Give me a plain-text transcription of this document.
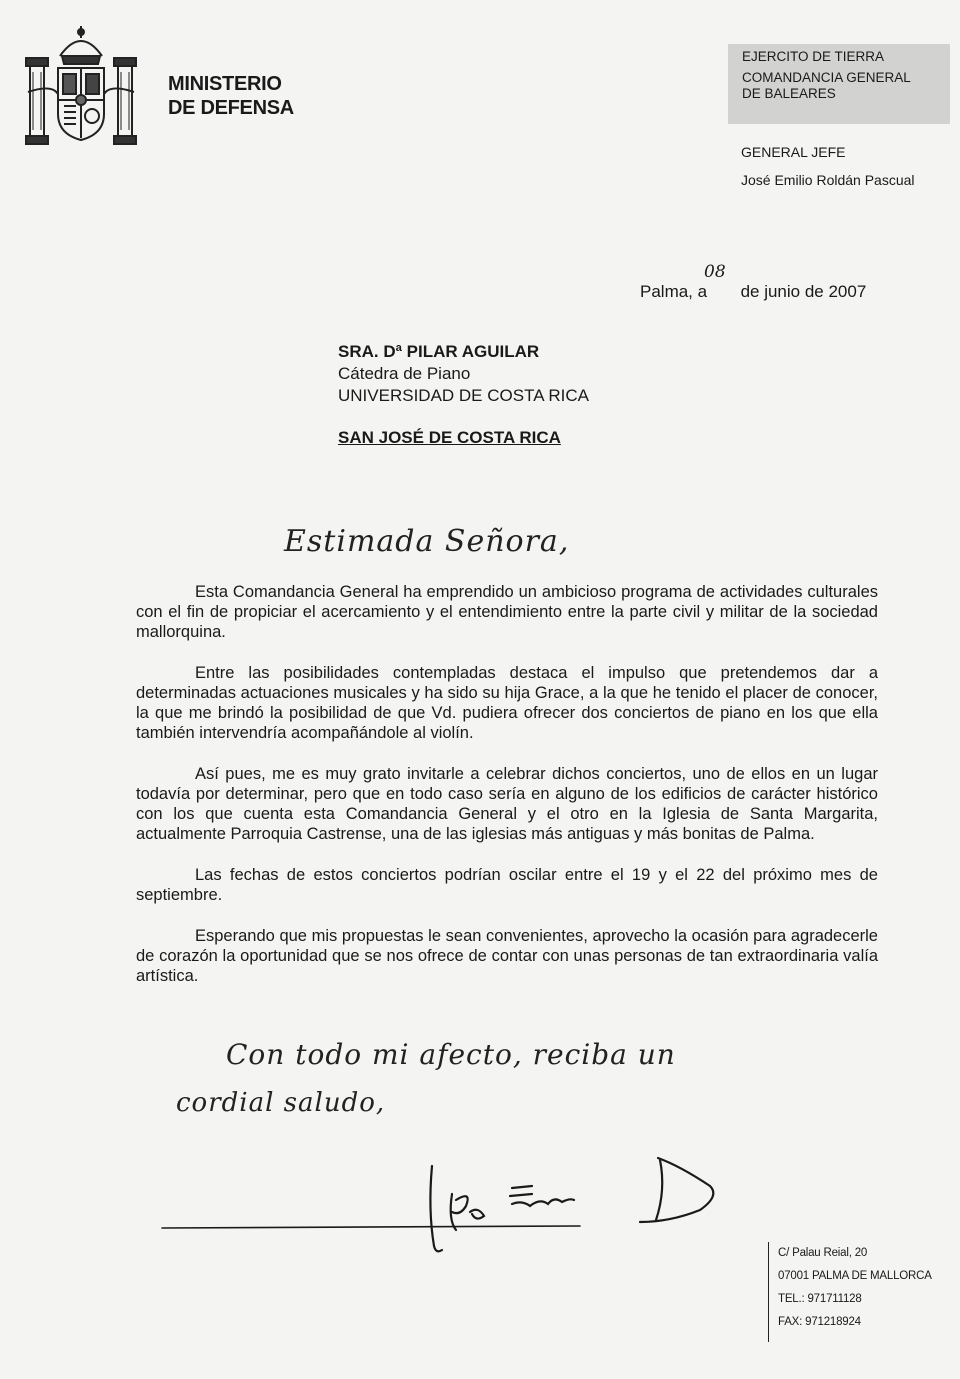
MINISTERIO
DE DEFENSA
EJERCITO DE TIERRA
COMANDANCIA GENERAL
DE BALEARES
GENERAL JEFE
José Emilio Roldán Pascual
Palma, a
08
de junio de 2007
SRA. Dª PILAR AGUILAR
Cátedra de Piano
UNIVERSIDAD DE COSTA RICA
SAN JOSÉ DE COSTA RICA
Estimada Señora,

Esta Comandancia General ha emprendido un ambicioso programa de actividades culturales con el fin de propiciar el acercamiento y el entendimiento entre la parte civil y militar de la sociedad mallorquina.

Entre las posibilidades contempladas destaca el impulso que pretendemos dar a determinadas actuaciones musicales y ha sido su hija Grace, a la que he tenido el placer de conocer, la que me brindó la posibilidad de que Vd. pudiera ofrecer dos conciertos de piano en los que ella también intervendría acompañándole al violín.

Así pues, me es muy grato invitarle a celebrar dichos conciertos, uno de ellos en un lugar todavía por determinar, pero que en todo caso sería en alguno de los edificios de carácter histórico con los que cuenta esta Comandancia General y el otro en la Iglesia de Santa Margarita, actualmente Parroquia Castrense, una de las iglesias más antiguas y más bonitas de Palma.

Las fechas de estos conciertos podrían oscilar entre el 19 y el 22 del próximo mes de septiembre.

Esperando que mis propuestas le sean convenientes, aprovecho la ocasión para agradecerle de corazón la oportunidad que se nos ofrece de contar con unas personas de tan extraordinaria valía artística.

Con todo mi afecto, reciba un
cordial saludo,
C/ Palau Reial, 20
07001 PALMA DE MALLORCA
TEL.: 971711128
FAX: 971218924
